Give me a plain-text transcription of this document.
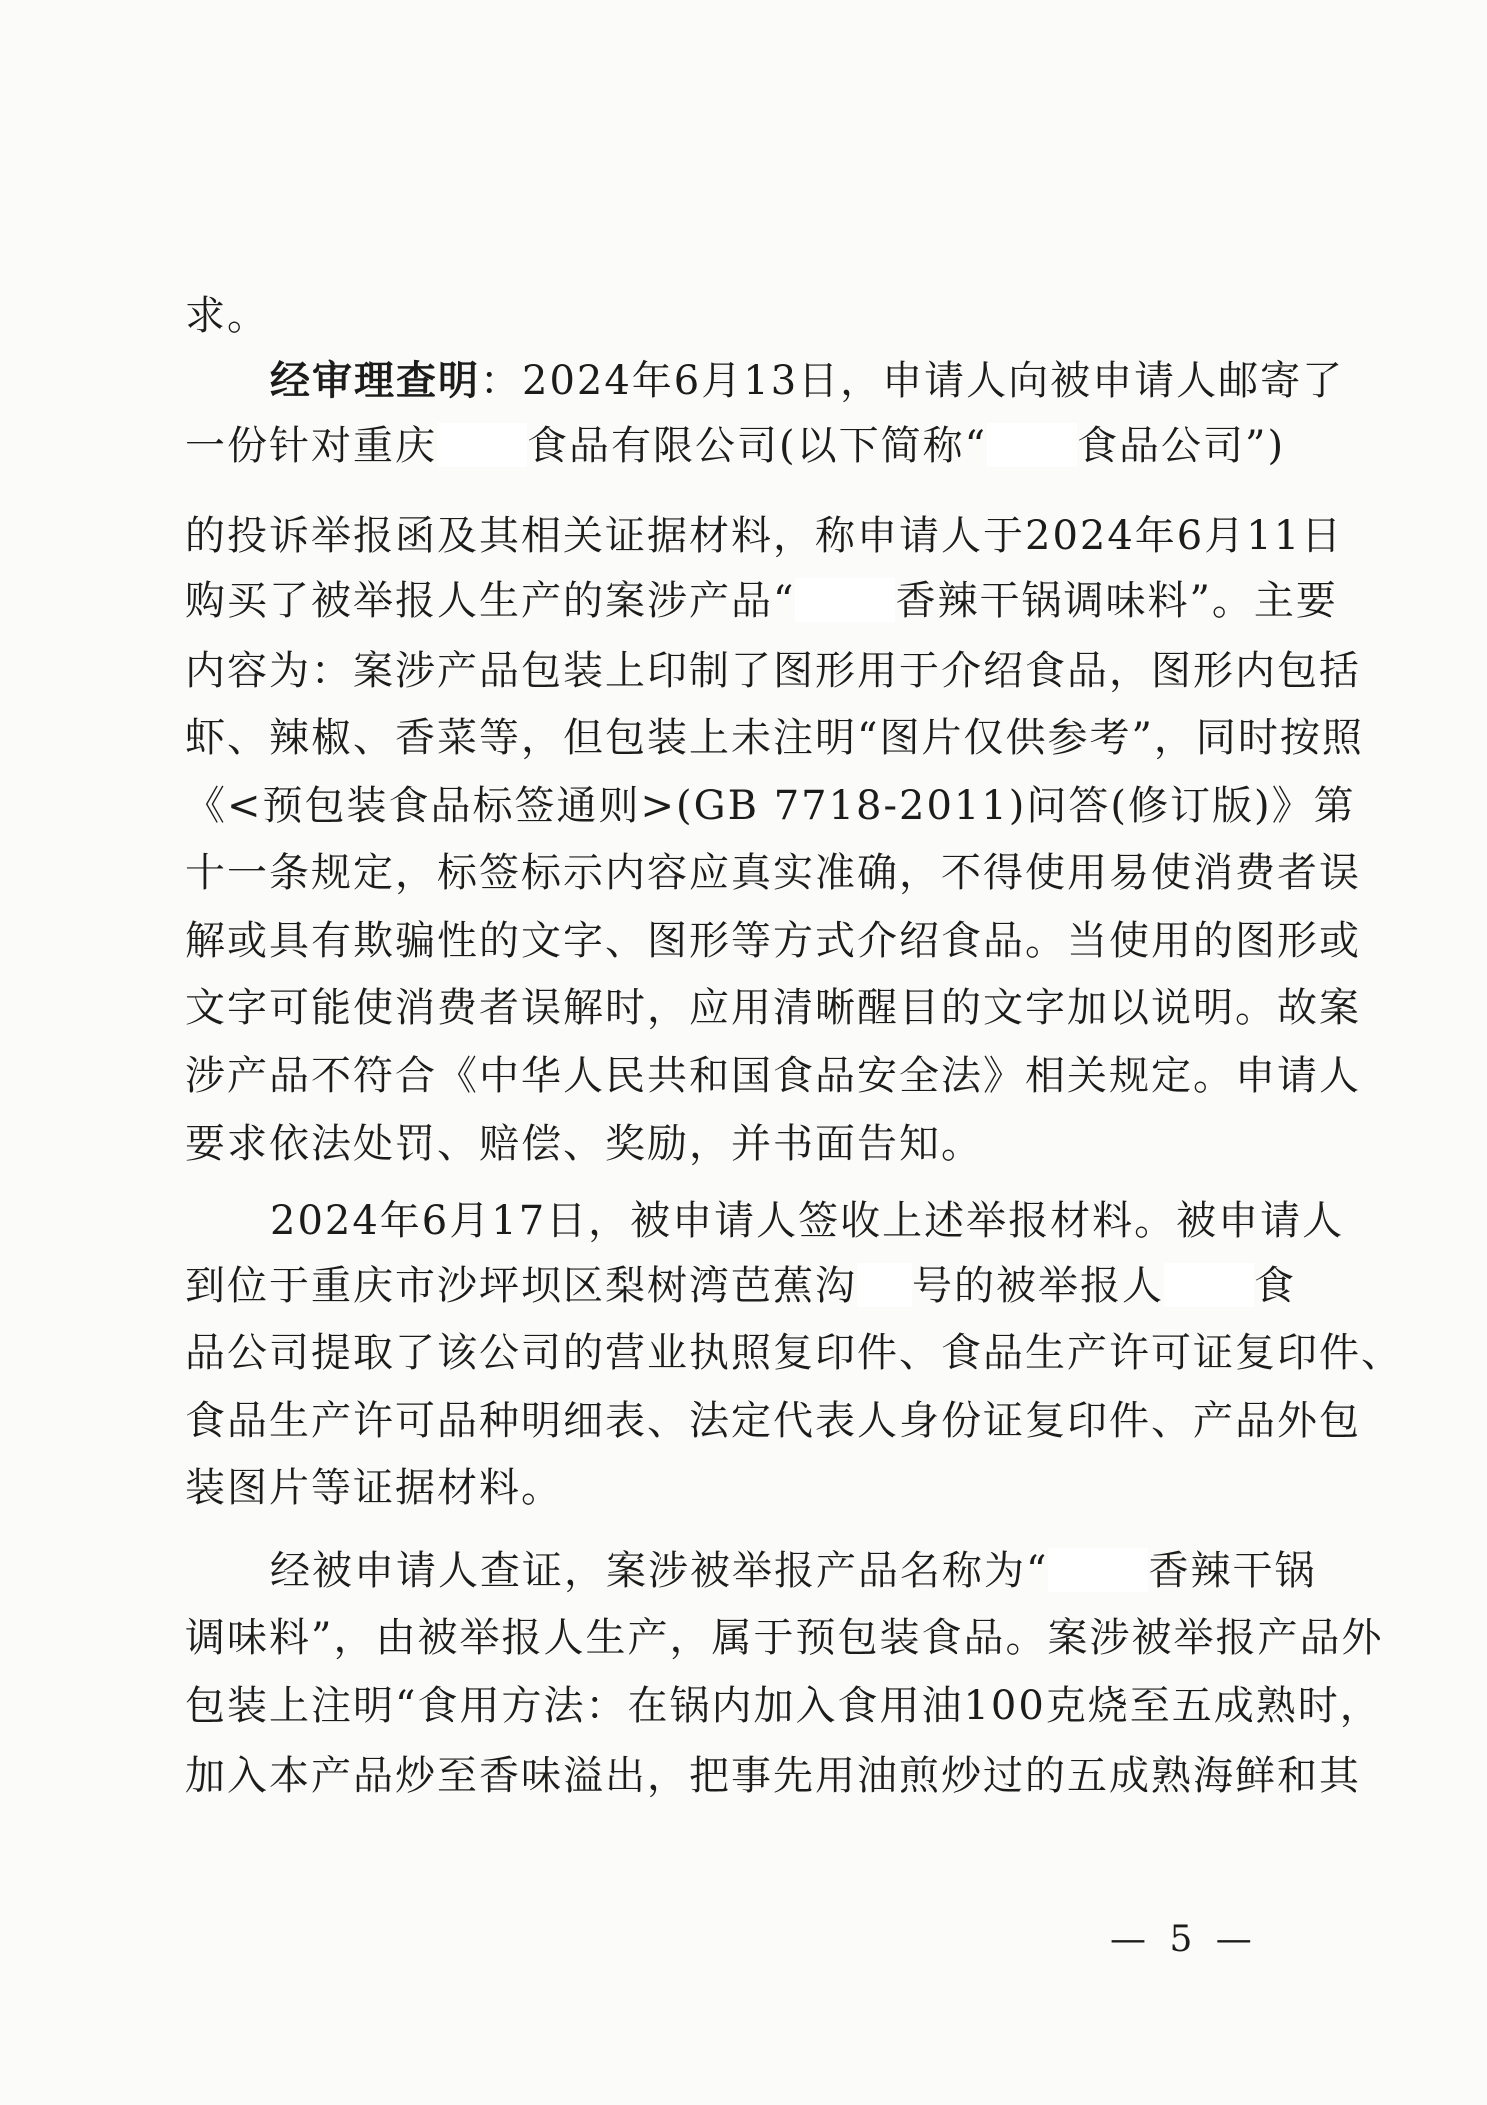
求。
经审理查明：2024年6月13日，申请人向被申请人邮寄了
一份针对重庆 食品有限公司(以下简称“ 食品公司”)
的投诉举报函及其相关证据材料，称申请人于2024年6月11日
购买了被举报人生产的案涉产品“	香辣干锅调味料”。主要
内容为：案涉产品包装上印制了图形用于介绍食品，图形内包括
虾、辣椒、香菜等，但包装上未注明“图片仅供参考”，同时按照
《<预包装食品标签通则>(GB 7718-2011)问答(修订版)》第
十一条规定，标签标示内容应真实准确，不得使用易使消费者误
解或具有欺骗性的文字、图形等方式介绍食品。当使用的图形或
文字可能使消费者误解时，应用清晰醒目的文字加以说明。故案
涉产品不符合《中华人民共和国食品安全法》相关规定。申请人
要求依法处罚、赔偿、奖励，并书面告知。
2024年6月17日，被申请人签收上述举报材料。被申请人
到位于重庆市沙坪坝区梨树湾芭蕉沟 号的被举报人 食
品公司提取了该公司的营业执照复印件、食品生产许可证复印件、
食品生产许可品种明细表、法定代表人身份证复印件、产品外包
装图片等证据材料。
经被申请人查证，案涉被举报产品名称为“	香辣干锅
调味料”，由被举报人生产，属于预包装食品。案涉被举报产品外
包装上注明“食用方法：在锅内加入食用油100克烧至五成熟时，
加入本产品炒至香味溢出，把事先用油煎炒过的五成熟海鲜和其
— 5 —
